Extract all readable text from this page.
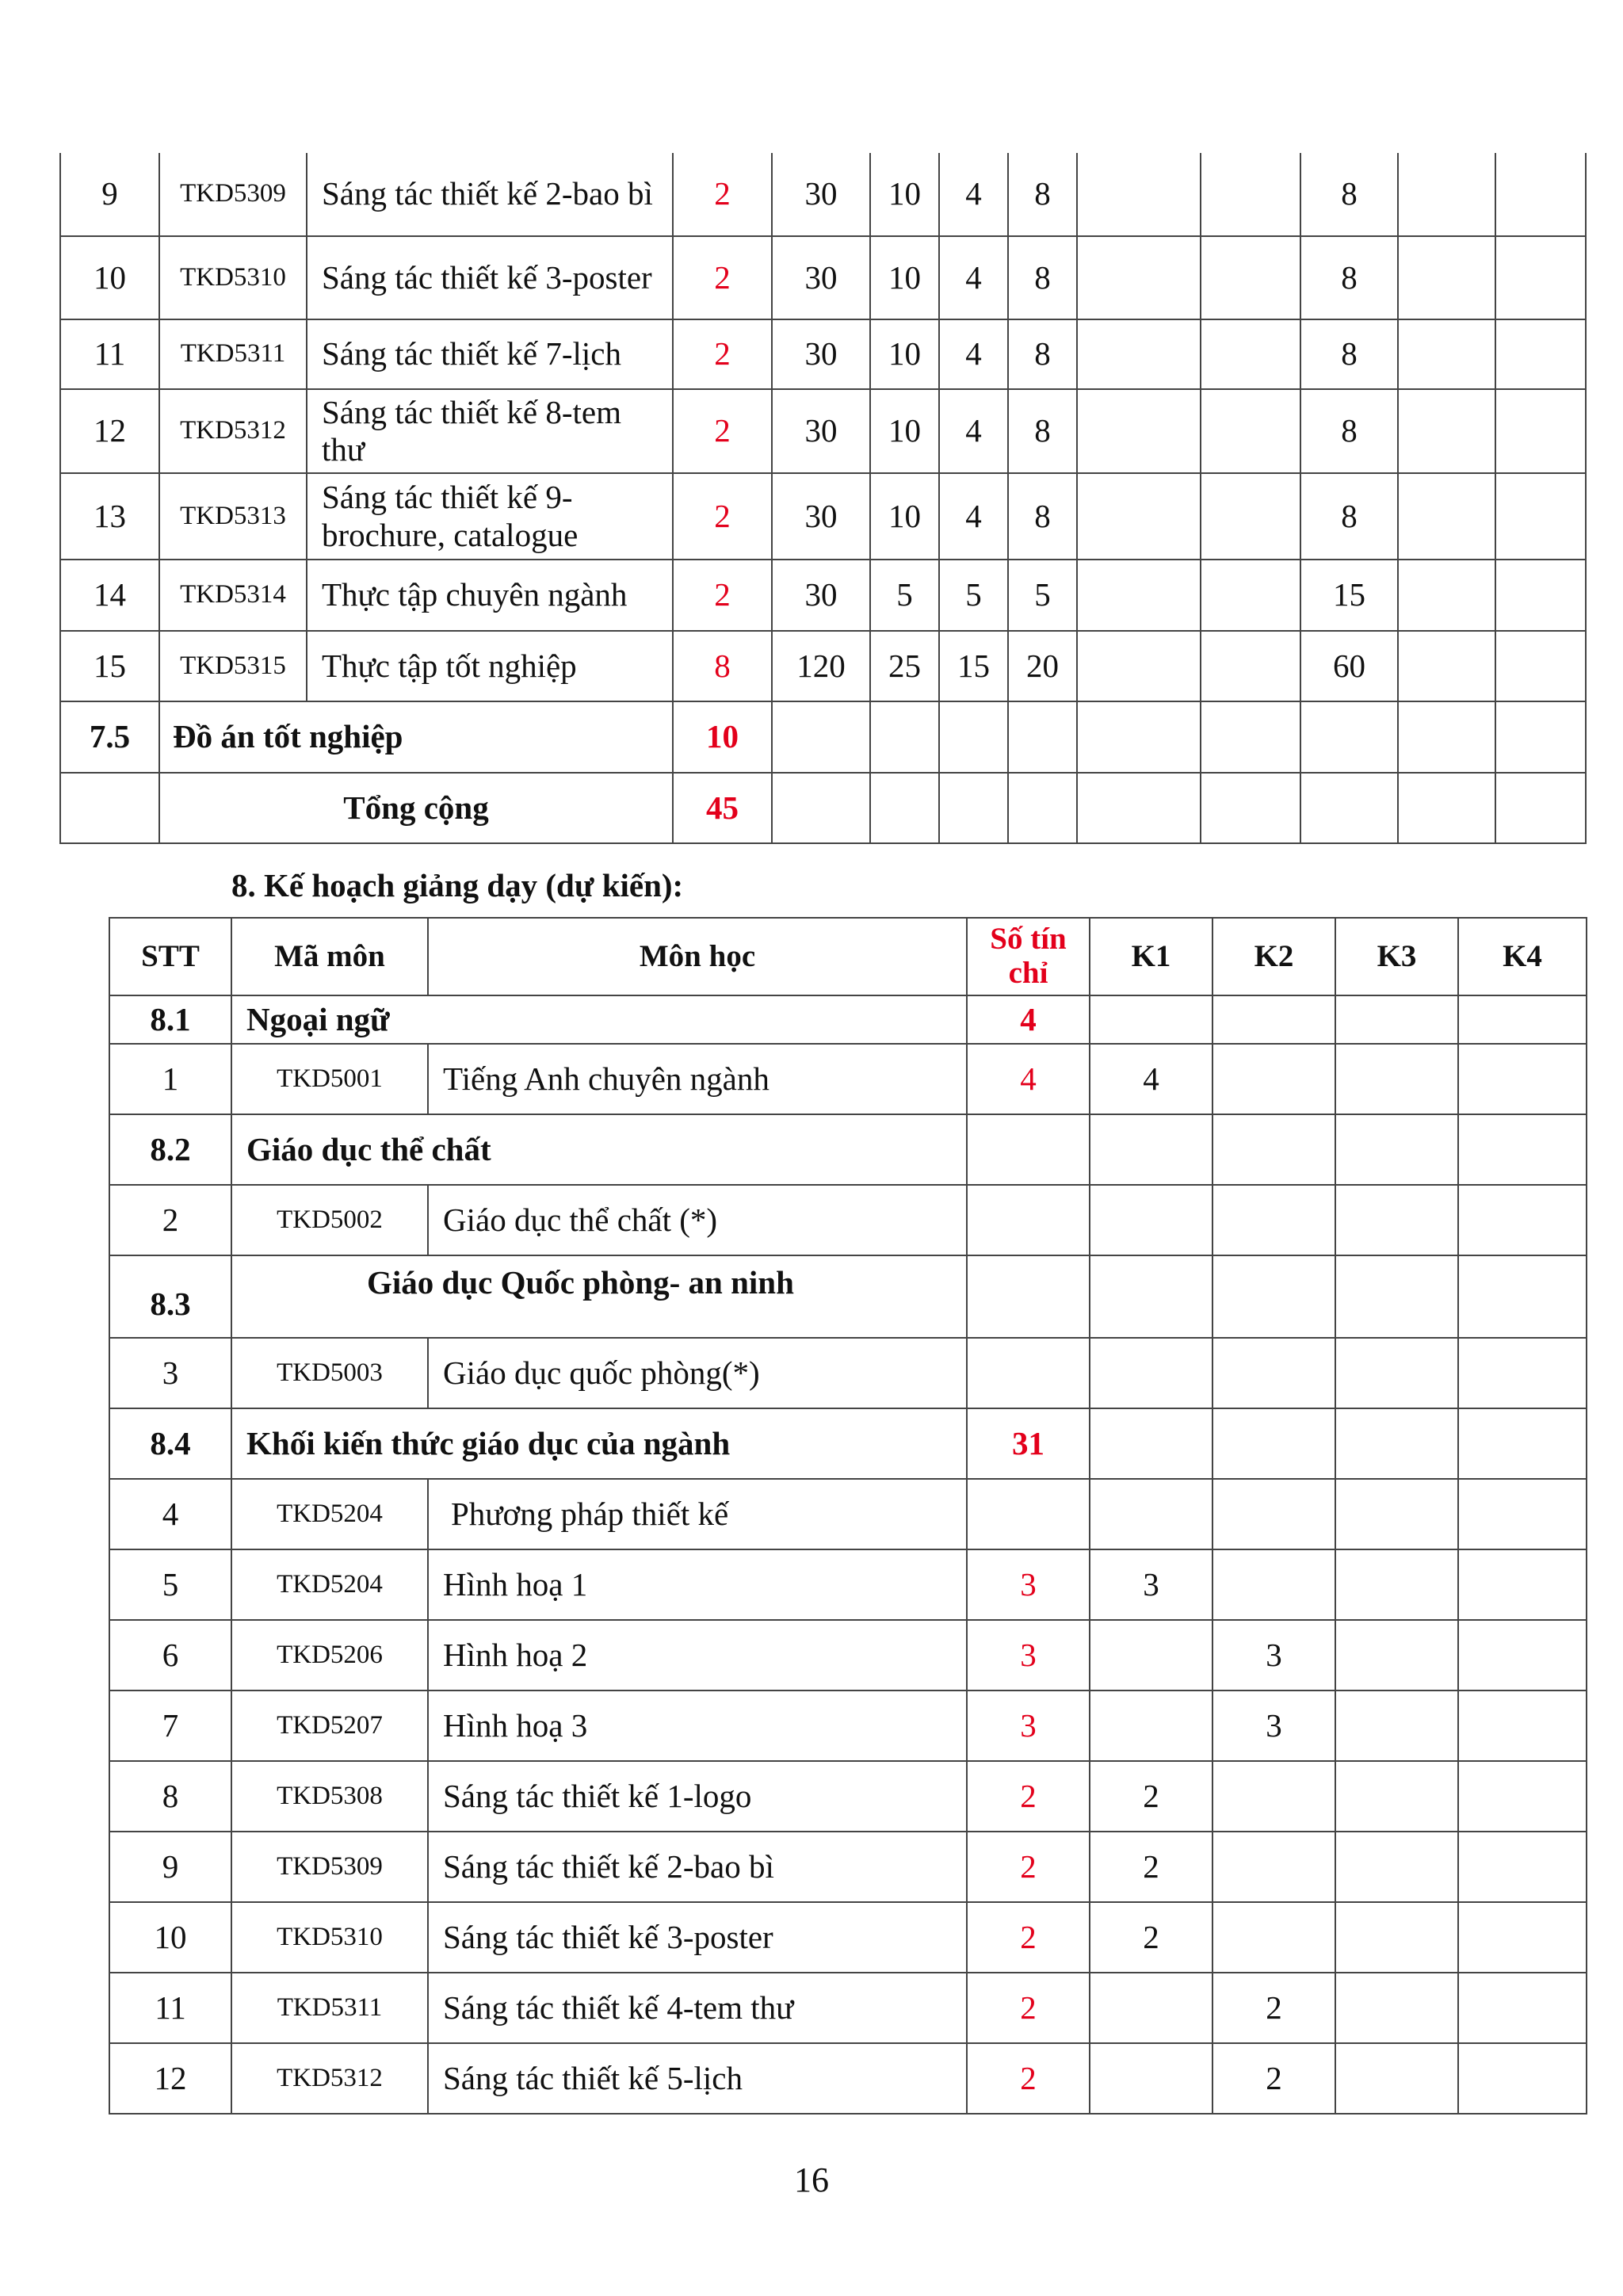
9	TKD5309	Sáng tác thiết kế 2-bao bì	2	30	10	4	8			8		
10	TKD5310	Sáng tác thiết kế 3-poster	2	30	10	4	8			8		
11	TKD5311	Sáng tác thiết kế 7-lịch	2	30	10	4	8			8		
12	TKD5312	Sáng tác thiết kế 8-tem thư	2	30	10	4	8			8		
13	TKD5313	Sáng tác thiết kế 9-brochure, catalogue	2	30	10	4	8			8		
14	TKD5314	Thực tập chuyên ngành	2	30	5	5	5			15		
15	TKD5315	Thực tập tốt nghiệp	8	120	25	15	20			60		
7.5	Đồ án tốt nghiệp		10									
	Tổng cộng		45									
8. Kế hoạch giảng dạy (dự kiến):
STT	Mã môn	Môn học	Số tín chỉ	K1	K2	K3	K4
8.1	Ngoại ngữ		4				
1	TKD5001	Tiếng Anh chuyên ngành	4	4			
8.2	Giáo dục thể chất						
2	TKD5002	Giáo dục thể chất (*)					
8.3	Giáo dục Quốc phòng- an ninh						
3	TKD5003	Giáo dục quốc phòng(*)					
8.4	Khối kiến thức giáo dục của ngành		31				
4	TKD5204	Phương pháp thiết kế					
5	TKD5204	Hình hoạ 1	3	3			
6	TKD5206	Hình hoạ 2	3		3		
7	TKD5207	Hình hoạ 3	3		3		
8	TKD5308	Sáng tác thiết kế 1-logo	2	2			
9	TKD5309	Sáng tác thiết kế 2-bao bì	2	2			
10	TKD5310	Sáng tác thiết kế 3-poster	2	2			
11	TKD5311	Sáng tác thiết kế 4-tem thư	2		2		
12	TKD5312	Sáng tác thiết kế 5-lịch	2		2		
16
